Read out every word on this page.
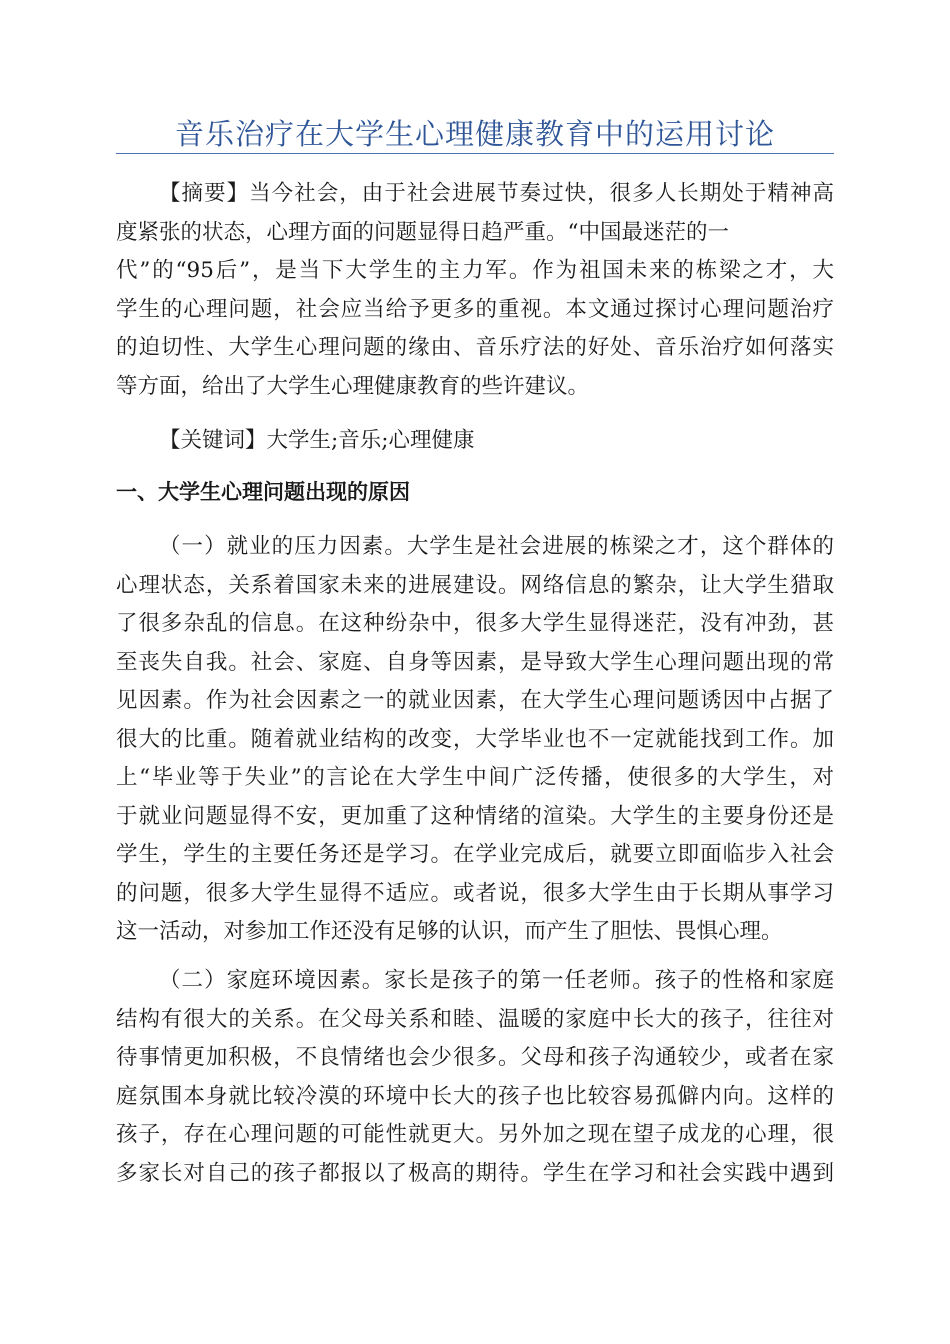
音乐治疗在大学生心理健康教育中的运用讨论
【摘要】当今社会，由于社会进展节奏过快，很多人长期处于精神高
度紧张的状态，心理方面的问题显得日趋严重。“中国最迷茫的一
代”的“95后”，是当下大学生的主力军。作为祖国未来的栋梁之才，大
学生的心理问题，社会应当给予更多的重视。本文通过探讨心理问题治疗
的迫切性、大学生心理问题的缘由、音乐疗法的好处、音乐治疗如何落实
等方面，给出了大学生心理健康教育的些许建议。
【关键词】大学生;音乐;心理健康
一、大学生心理问题出现的原因
（一）就业的压力因素。大学生是社会进展的栋梁之才，这个群体的
心理状态，关系着国家未来的进展建设。网络信息的繁杂，让大学生猎取
了很多杂乱的信息。在这种纷杂中，很多大学生显得迷茫，没有冲劲，甚
至丧失自我。社会、家庭、自身等因素，是导致大学生心理问题出现的常
见因素。作为社会因素之一的就业因素，在大学生心理问题诱因中占据了
很大的比重。随着就业结构的改变，大学毕业也不一定就能找到工作。加
上“毕业等于失业”的言论在大学生中间广泛传播，使很多的大学生，对
于就业问题显得不安，更加重了这种情绪的渲染。大学生的主要身份还是
学生，学生的主要任务还是学习。在学业完成后，就要立即面临步入社会
的问题，很多大学生显得不适应。或者说，很多大学生由于长期从事学习
这一活动，对参加工作还没有足够的认识，而产生了胆怯、畏惧心理。
（二）家庭环境因素。家长是孩子的第一任老师。孩子的性格和家庭
结构有很大的关系。在父母关系和睦、温暖的家庭中长大的孩子，往往对
待事情更加积极，不良情绪也会少很多。父母和孩子沟通较少，或者在家
庭氛围本身就比较冷漠的环境中长大的孩子也比较容易孤僻内向。这样的
孩子，存在心理问题的可能性就更大。另外加之现在望子成龙的心理，很
多家长对自己的孩子都报以了极高的期待。学生在学习和社会实践中遇到
